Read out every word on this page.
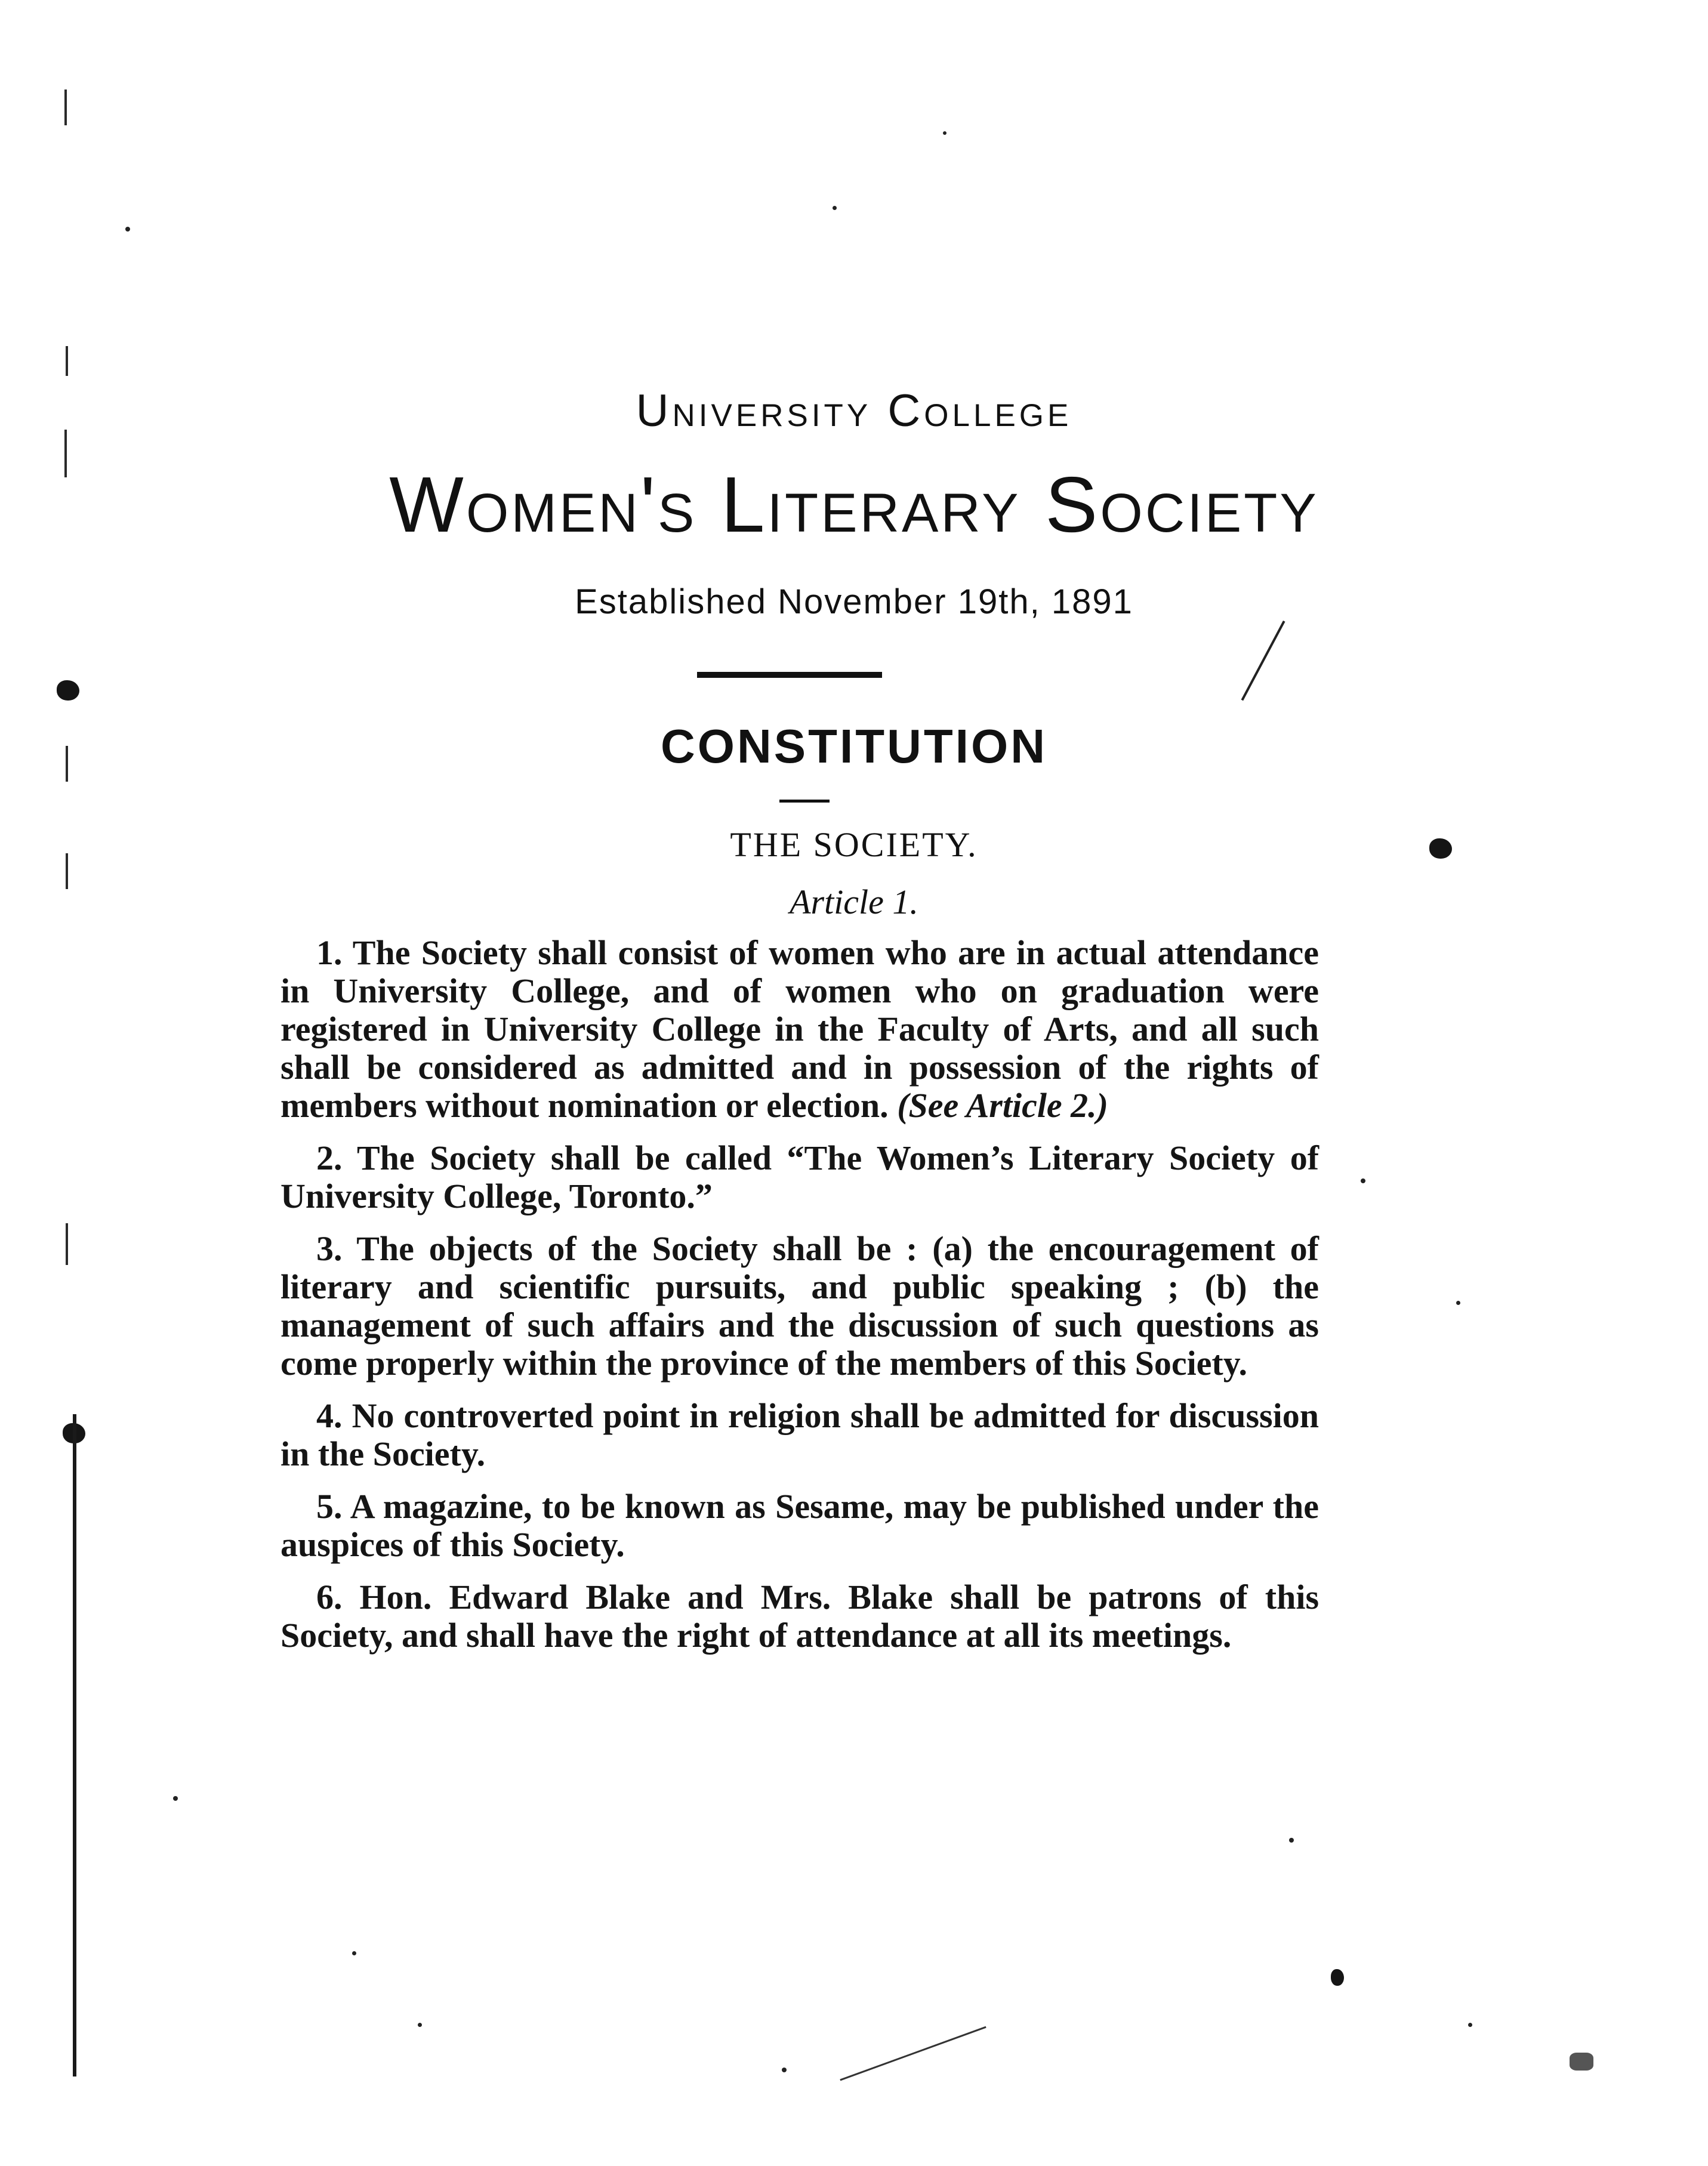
University College
Women's Literary Society
Established November 19th, 1891
CONSTITUTION
THE SOCIETY.
Article 1.

1. The Society shall consist of women who are in actual attendance in University College, and of women who on graduation were registered in University College in the Faculty of Arts, and all such shall be considered as admitted and in possession of the rights of members without nomination or election. (See Article 2.)

2. The Society shall be called “The Women’s Literary Society of University College, Toronto.”

3. The objects of the Society shall be : (a) the encouragement of literary and scientific pursuits, and public speaking ; (b) the management of such affairs and the discussion of such questions as come properly within the province of the members of this Society.

4. No controverted point in religion shall be admitted for discussion in the Society.

5. A magazine, to be known as Sesame, may be published under the auspices of this Society.

6. Hon. Edward Blake and Mrs. Blake shall be patrons of this Society, and shall have the right of attendance at all its meetings.
